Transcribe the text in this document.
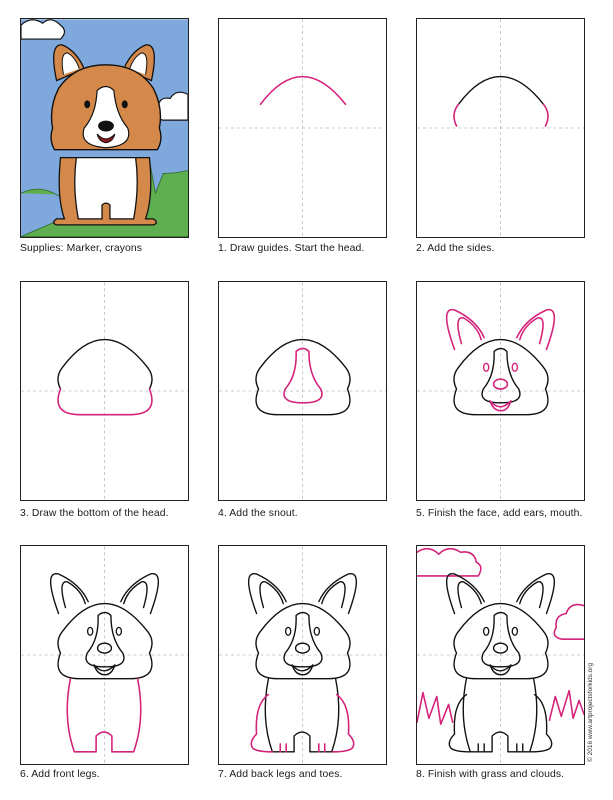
Supplies: Marker, crayons	1. Draw guides. Start the head.	2. Add the sides.
3. Draw the bottom of the head.	4. Add the snout.	5. Finish the face, add ears, mouth.
6. Add front legs.	7. Add back legs and toes.	8. Finish with grass and clouds.
© 2016 www.artprojectsforkids.org
